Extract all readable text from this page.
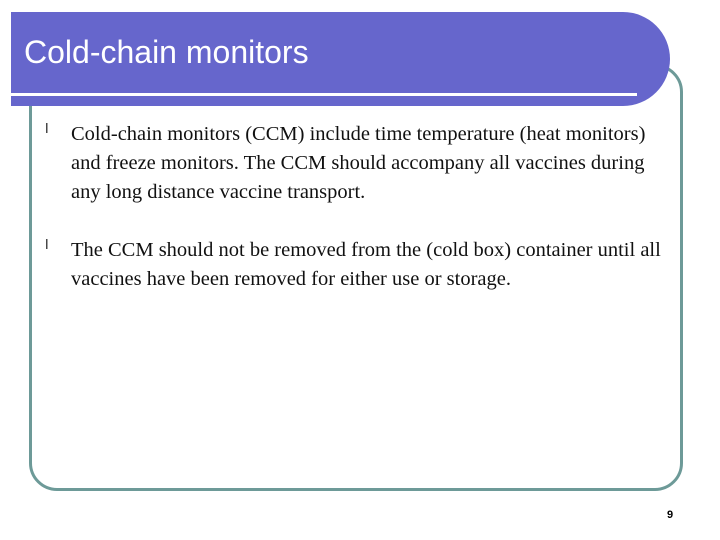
Cold-chain monitors
l Cold-chain monitors (CCM) include time temperature (heat monitors) and freeze monitors. The CCM should accompany all vaccines during any long distance vaccine transport.
l The CCM should not be removed from the (cold box) container until all vaccines have been removed for either use or storage.
9
